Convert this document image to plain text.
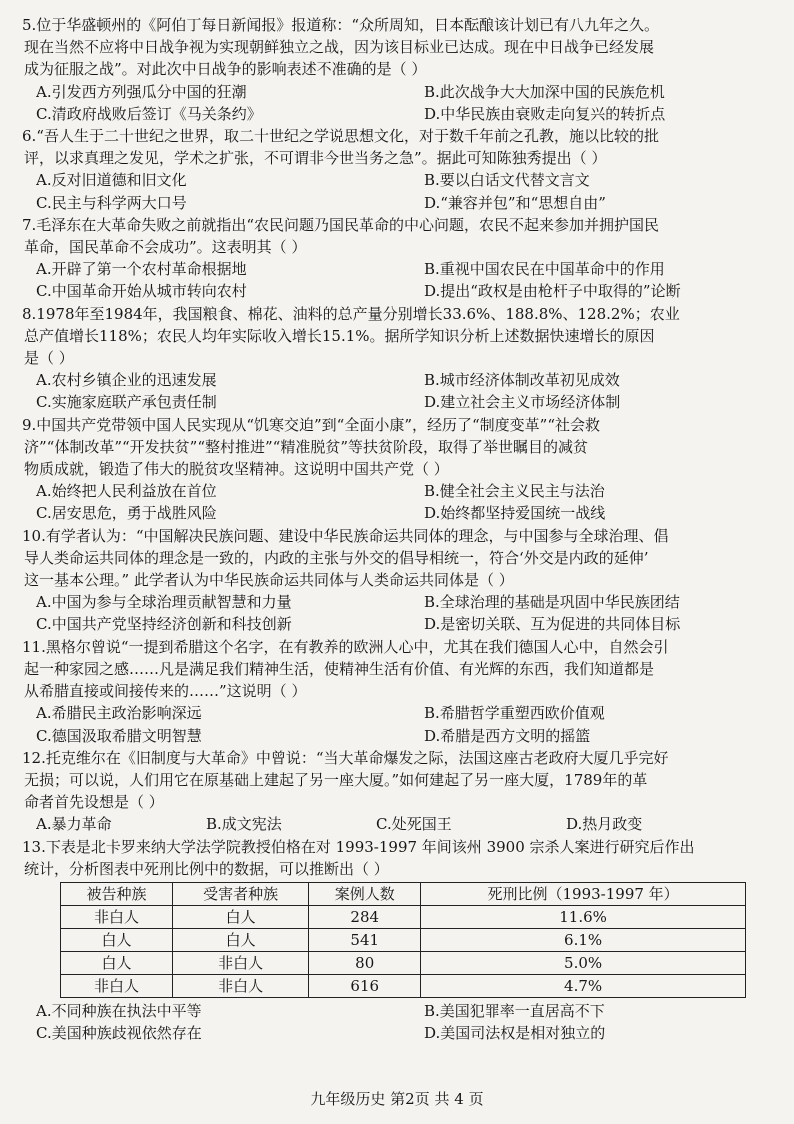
5.位于华盛顿州的《阿伯丁每日新闻报》报道称：“众所周知，日本酝酿该计划已有八九年之久。
现在当然不应将中日战争视为实现朝鲜独立之战，因为该目标业已达成。现在中日战争已经发展
成为征服之战”。对此次中日战争的影响表述不准确的是（ ）
A.引发西方列强瓜分中国的狂潮	B.此次战争大大加深中国的民族危机
C.清政府战败后签订《马关条约》	D.中华民族由衰败走向复兴的转折点
6.“吾人生于二十世纪之世界，取二十世纪之学说思想文化，对于数千年前之孔教，施以比较的批
评，以求真理之发见，学术之扩张，不可谓非今世当务之急”。据此可知陈独秀提出（ ）
A.反对旧道德和旧文化	B.要以白话文代替文言文
C.民主与科学两大口号	D.“兼容并包”和“思想自由”
7.毛泽东在大革命失败之前就指出“农民问题乃国民革命的中心问题，农民不起来参加并拥护国民
革命，国民革命不会成功”。这表明其（ ）
A.开辟了第一个农村革命根据地	B.重视中国农民在中国革命中的作用
C.中国革命开始从城市转向农村	D.提出“政权是由枪杆子中取得的”论断
8.1978年至1984年，我国粮食、棉花、油料的总产量分别增长33.6%、188.8%、128.2%；农业
总产值增长118%；农民人均年实际收入增长15.1%。据所学知识分析上述数据快速增长的原因
是（ ）
A.农村乡镇企业的迅速发展	B.城市经济体制改革初见成效
C.实施家庭联产承包责任制	D.建立社会主义市场经济体制
9.中国共产党带领中国人民实现从“饥寒交迫”到“全面小康”，经历了“制度变革”“社会救
济”“体制改革”“开发扶贫”“整村推进”“精准脱贫”等扶贫阶段，取得了举世瞩目的减贫
物质成就，锻造了伟大的脱贫攻坚精神。这说明中国共产党（ ）
A.始终把人民利益放在首位	B.健全社会主义民主与法治
C.居安思危，勇于战胜风险	D.始终都坚持爱国统一战线
10.有学者认为：“中国解决民族问题、建设中华民族命运共同体的理念，与中国参与全球治理、倡
导人类命运共同体的理念是一致的，内政的主张与外交的倡导相统一，符合‘外交是内政的延伸’
这一基本公理。” 此学者认为中华民族命运共同体与人类命运共同体是（ ）
A.中国为参与全球治理贡献智慧和力量	B.全球治理的基础是巩固中华民族团结
C.中国共产党坚持经济创新和科技创新	D.是密切关联、互为促进的共同体目标
11.黑格尔曾说“一提到希腊这个名字，在有教养的欧洲人心中，尤其在我们德国人心中，自然会引
起一种家园之感……凡是满足我们精神生活，使精神生活有价值、有光辉的东西，我们知道都是
从希腊直接或间接传来的……”这说明（ ）
A.希腊民主政治影响深远	B.希腊哲学重塑西欧价值观
C.德国汲取希腊文明智慧	D.希腊是西方文明的摇篮
12.托克维尔在《旧制度与大革命》中曾说：“当大革命爆发之际，法国这座古老政府大厦几乎完好
无损；可以说，人们用它在原基础上建起了另一座大厦。”如何建起了另一座大厦，1789年的革
命者首先设想是（ ）
A.暴力革命	B.成文宪法	C.处死国王	D.热月政变
13.下表是北卡罗来纳大学法学院教授伯格在对 1993-1997 年间该州 3900 宗杀人案进行研究后作出
统计，分析图表中死刑比例中的数据，可以推断出（ ）
被告种族	受害者种族	案例人数	死刑比例（1993-1997 年）
非白人	白人	284	11.6%
白人	白人	541	6.1%
白人	非白人	80	5.0%
非白人	非白人	616	4.7%
A.不同种族在执法中平等	B.美国犯罪率一直居高不下
C.美国种族歧视依然存在	D.美国司法权是相对独立的
九年级历史 第2页 共 4 页
